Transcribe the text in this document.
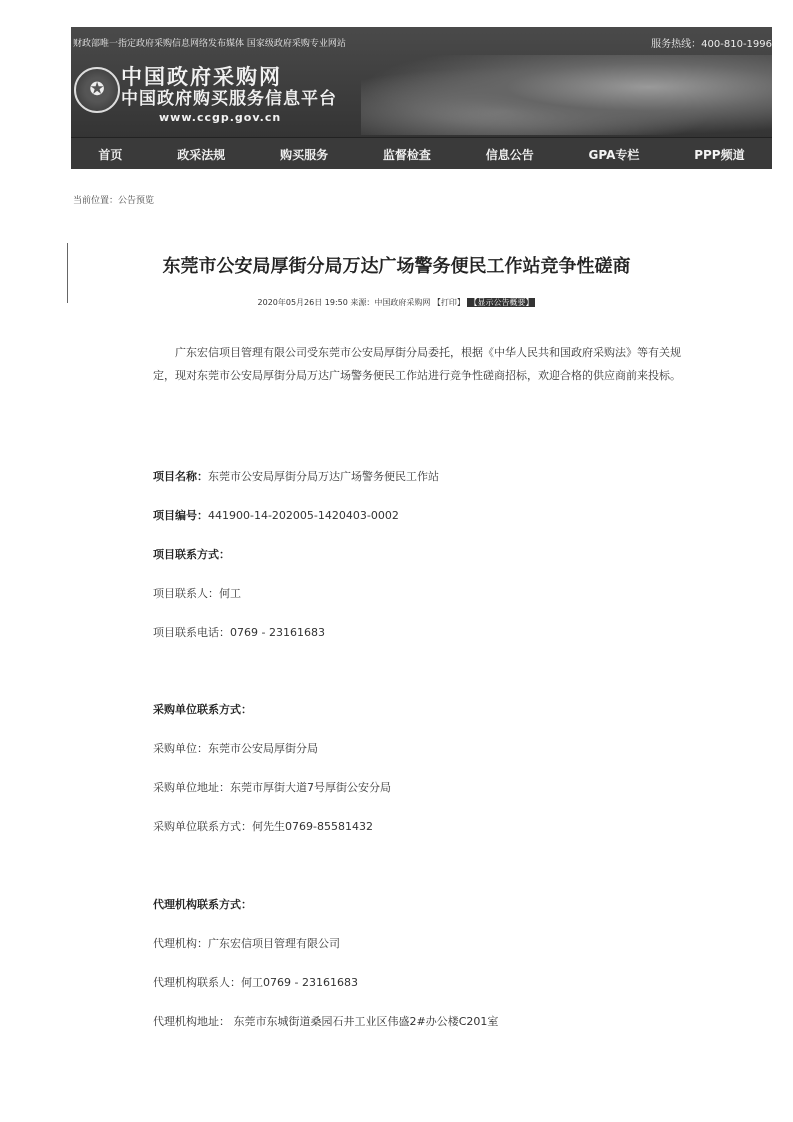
财政部唯一指定政府采购信息网络发布媒体 国家级政府采购专业网站	服务热线：400-810-1996
✪
中国政府采购网
中国政府购买服务信息平台
www.ccgp.gov.cn
首页	政采法规	购买服务	监督检查	信息公告	GPA专栏	PPP频道
当前位置：公告预览
东莞市公安局厚街分局万达广场警务便民工作站竞争性磋商
2020年05月26日 19:50 来源：中国政府采购网 【打印】 【显示公告概要】
广东宏信项目管理有限公司受东莞市公安局厚街分局委托，根据《中华人民共和国政府采购法》等有关规定，现对东莞市公安局厚街分局万达广场警务便民工作站进行竞争性磋商招标，欢迎合格的供应商前来投标。
项目名称：东莞市公安局厚街分局万达广场警务便民工作站
项目编号：441900-14-202005-1420403-0002
项目联系方式：
项目联系人：何工
项目联系电话：0769 - 23161683
采购单位联系方式：
采购单位：东莞市公安局厚街分局
采购单位地址：东莞市厚街大道7号厚街公安分局
采购单位联系方式：何先生0769-85581432
代理机构联系方式：
代理机构：广东宏信项目管理有限公司
代理机构联系人：何工0769 - 23161683
代理机构地址： 东莞市东城街道桑园石井工业区伟盛2#办公楼C201室
